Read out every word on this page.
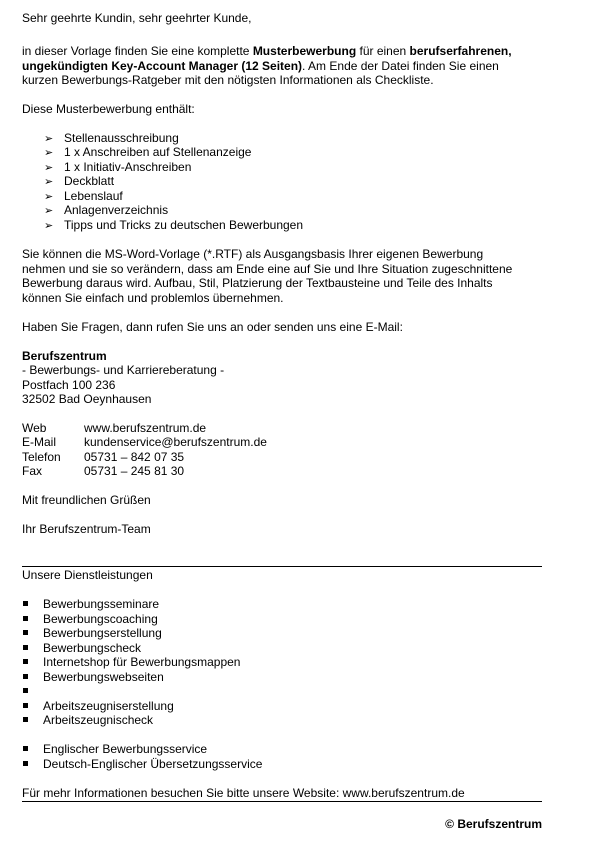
Sehr geehrte Kundin, sehr geehrter Kunde,
in dieser Vorlage finden Sie eine komplette Musterbewerbung für einen berufserfahrenen,
ungekündigten Key-Account Manager (12 Seiten). Am Ende der Datei finden Sie einen
kurzen Bewerbungs-Ratgeber mit den nötigsten Informationen als Checkliste.
Diese Musterbewerbung enthält:
➢ Stellenausschreibung
➢ 1 x Anschreiben auf Stellenanzeige
➢ 1 x Initiativ-Anschreiben
➢ Deckblatt
➢ Lebenslauf
➢ Anlagenverzeichnis
➢ Tipps und Tricks zu deutschen Bewerbungen
Sie können die MS-Word-Vorlage (*.RTF) als Ausgangsbasis Ihrer eigenen Bewerbung
nehmen und sie so verändern, dass am Ende eine auf Sie und Ihre Situation zugeschnittene
Bewerbung daraus wird. Aufbau, Stil, Platzierung der Textbausteine und Teile des Inhalts
können Sie einfach und problemlos übernehmen.
Haben Sie Fragen, dann rufen Sie uns an oder senden uns eine E-Mail:
Berufszentrum
- Bewerbungs- und Karriereberatung -
Postfach 100 236
32502 Bad Oeynhausen
Web	www.berufszentrum.de
E-Mail kundenservice@berufszentrum.de
Telefon 05731 – 842 07 35
Fax	05731 – 245 81 30
Mit freundlichen Grüßen
Ihr Berufszentrum-Team
Unsere Dienstleistungen
Bewerbungsseminare
Bewerbungscoaching
Bewerbungserstellung
Bewerbungscheck
Internetshop für Bewerbungsmappen
Bewerbungswebseiten
Arbeitszeugniserstellung
Arbeitszeugnischeck
Englischer Bewerbungsservice
Deutsch-Englischer Übersetzungsservice
Für mehr Informationen besuchen Sie bitte unsere Website: www.berufszentrum.de
© Berufszentrum
